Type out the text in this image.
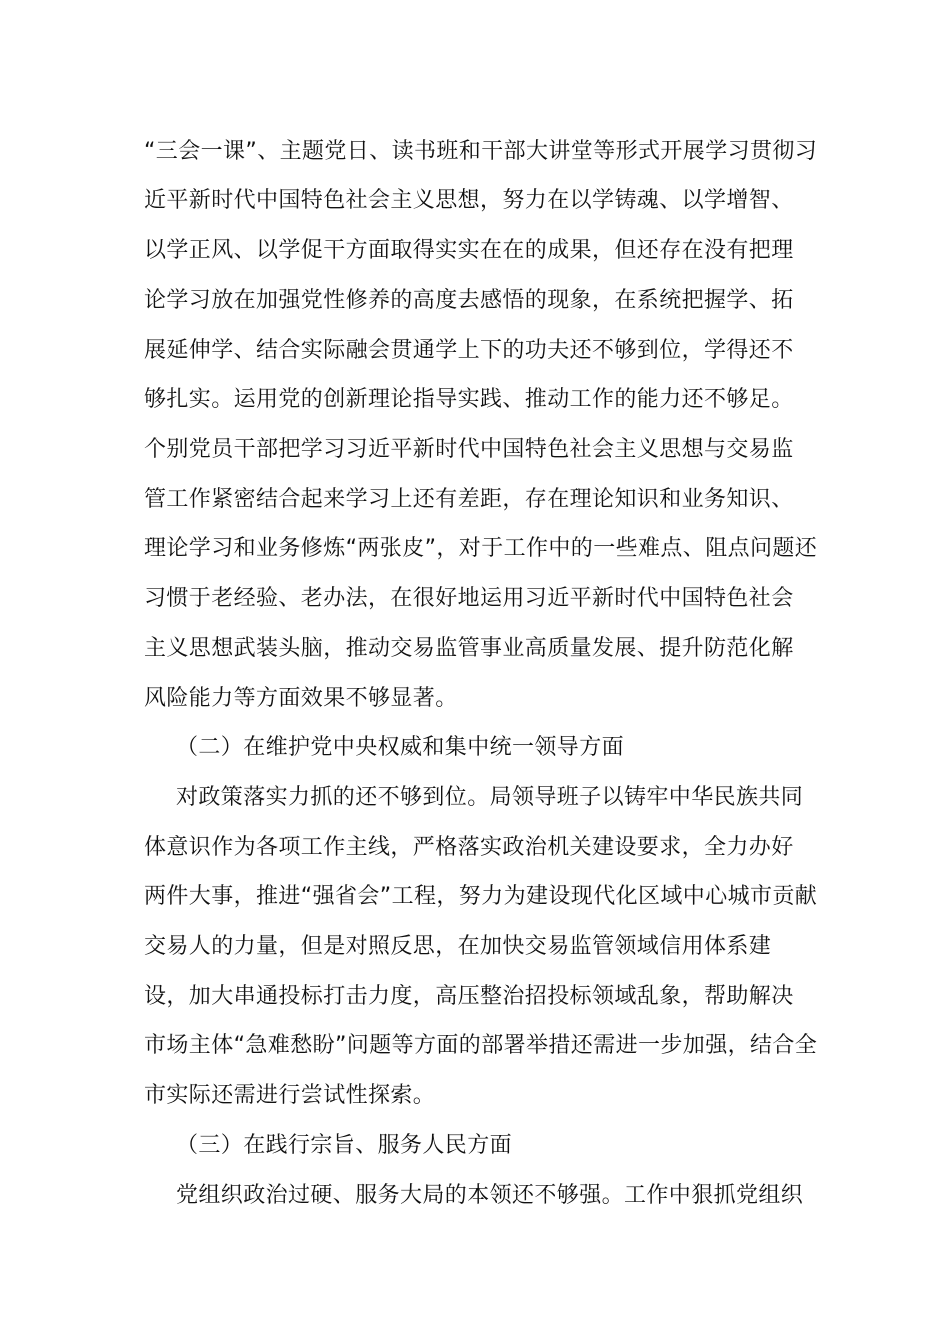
“三会一课”、主题党日、读书班和干部大讲堂等形式开展学习贯彻习
近平新时代中国特色社会主义思想，努力在以学铸魂、以学增智、
以学正风、以学促干方面取得实实在在的成果，但还存在没有把理
论学习放在加强党性修养的高度去感悟的现象，在系统把握学、拓
展延伸学、结合实际融会贯通学上下的功夫还不够到位，学得还不
够扎实。运用党的创新理论指导实践、推动工作的能力还不够足。
个别党员干部把学习习近平新时代中国特色社会主义思想与交易监
管工作紧密结合起来学习上还有差距，存在理论知识和业务知识、
理论学习和业务修炼“两张皮”，对于工作中的一些难点、阻点问题还
习惯于老经验、老办法，在很好地运用习近平新时代中国特色社会
主义思想武装头脑，推动交易监管事业高质量发展、提升防范化解
风险能力等方面效果不够显著。
（二）在维护党中央权威和集中统一领导方面
对政策落实力抓的还不够到位。局领导班子以铸牢中华民族共同
体意识作为各项工作主线，严格落实政治机关建设要求，全力办好
两件大事，推进“强省会”工程，努力为建设现代化区域中心城市贡献
交易人的力量，但是对照反思，在加快交易监管领域信用体系建
设，加大串通投标打击力度，高压整治招投标领域乱象，帮助解决
市场主体“急难愁盼”问题等方面的部署举措还需进一步加强，结合全
市实际还需进行尝试性探索。
（三）在践行宗旨、服务人民方面
党组织政治过硬、服务大局的本领还不够强。工作中狠抓党组织
